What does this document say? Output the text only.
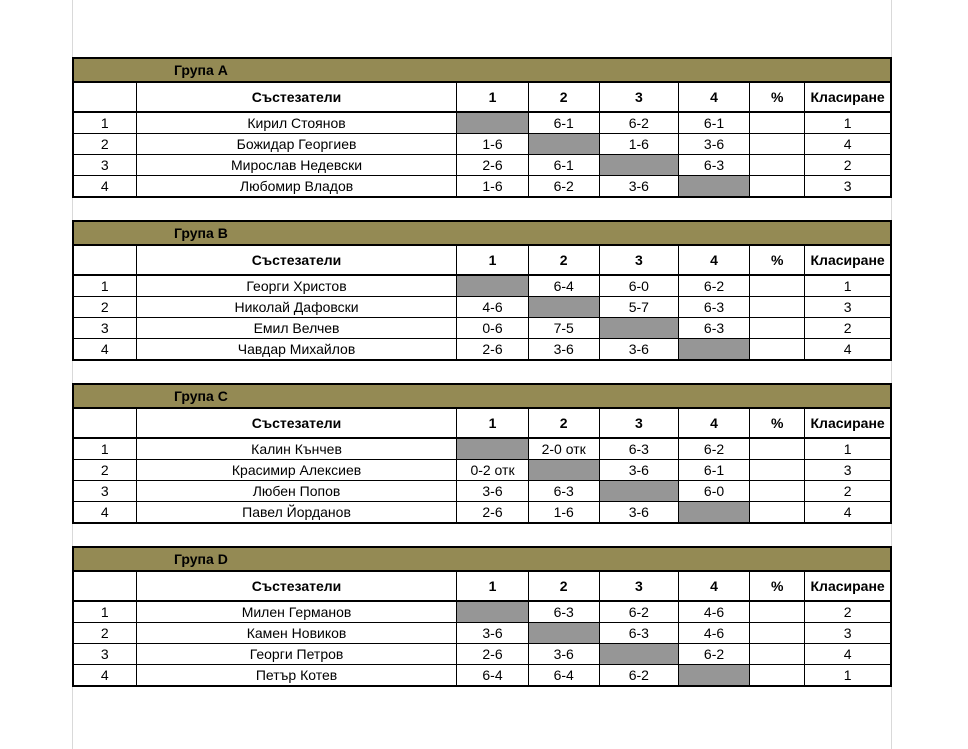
Група А
	Състезатели	1	2	3	4	%	Класиране
1	Кирил Стоянов		6-1	6-2	6-1		1
2	Божидар Георгиев	1-6		1-6	3-6		4
3	Мирослав Недевски	2-6	6-1		6-3		2
4	Любомир Владов	1-6	6-2	3-6			3
Група В
	Състезатели	1	2	3	4	%	Класиране
1	Георги Христов		6-4	6-0	6-2		1
2	Николай Дафовски	4-6		5-7	6-3		3
3	Емил Велчев	0-6	7-5		6-3		2
4	Чавдар Михайлов	2-6	3-6	3-6			4
Група С
	Състезатели	1	2	3	4	%	Класиране
1	Калин Кънчев		2-0 отк	6-3	6-2		1
2	Красимир Алексиев	0-2 отк		3-6	6-1		3
3	Любен Попов	3-6	6-3		6-0		2
4	Павел Йорданов	2-6	1-6	3-6			4
Група D
	Състезатели	1	2	3	4	%	Класиране
1	Милен Германов		6-3	6-2	4-6		2
2	Камен Новиков	3-6		6-3	4-6		3
3	Георги Петров	2-6	3-6		6-2		4
4	Петър Котев	6-4	6-4	6-2			1
